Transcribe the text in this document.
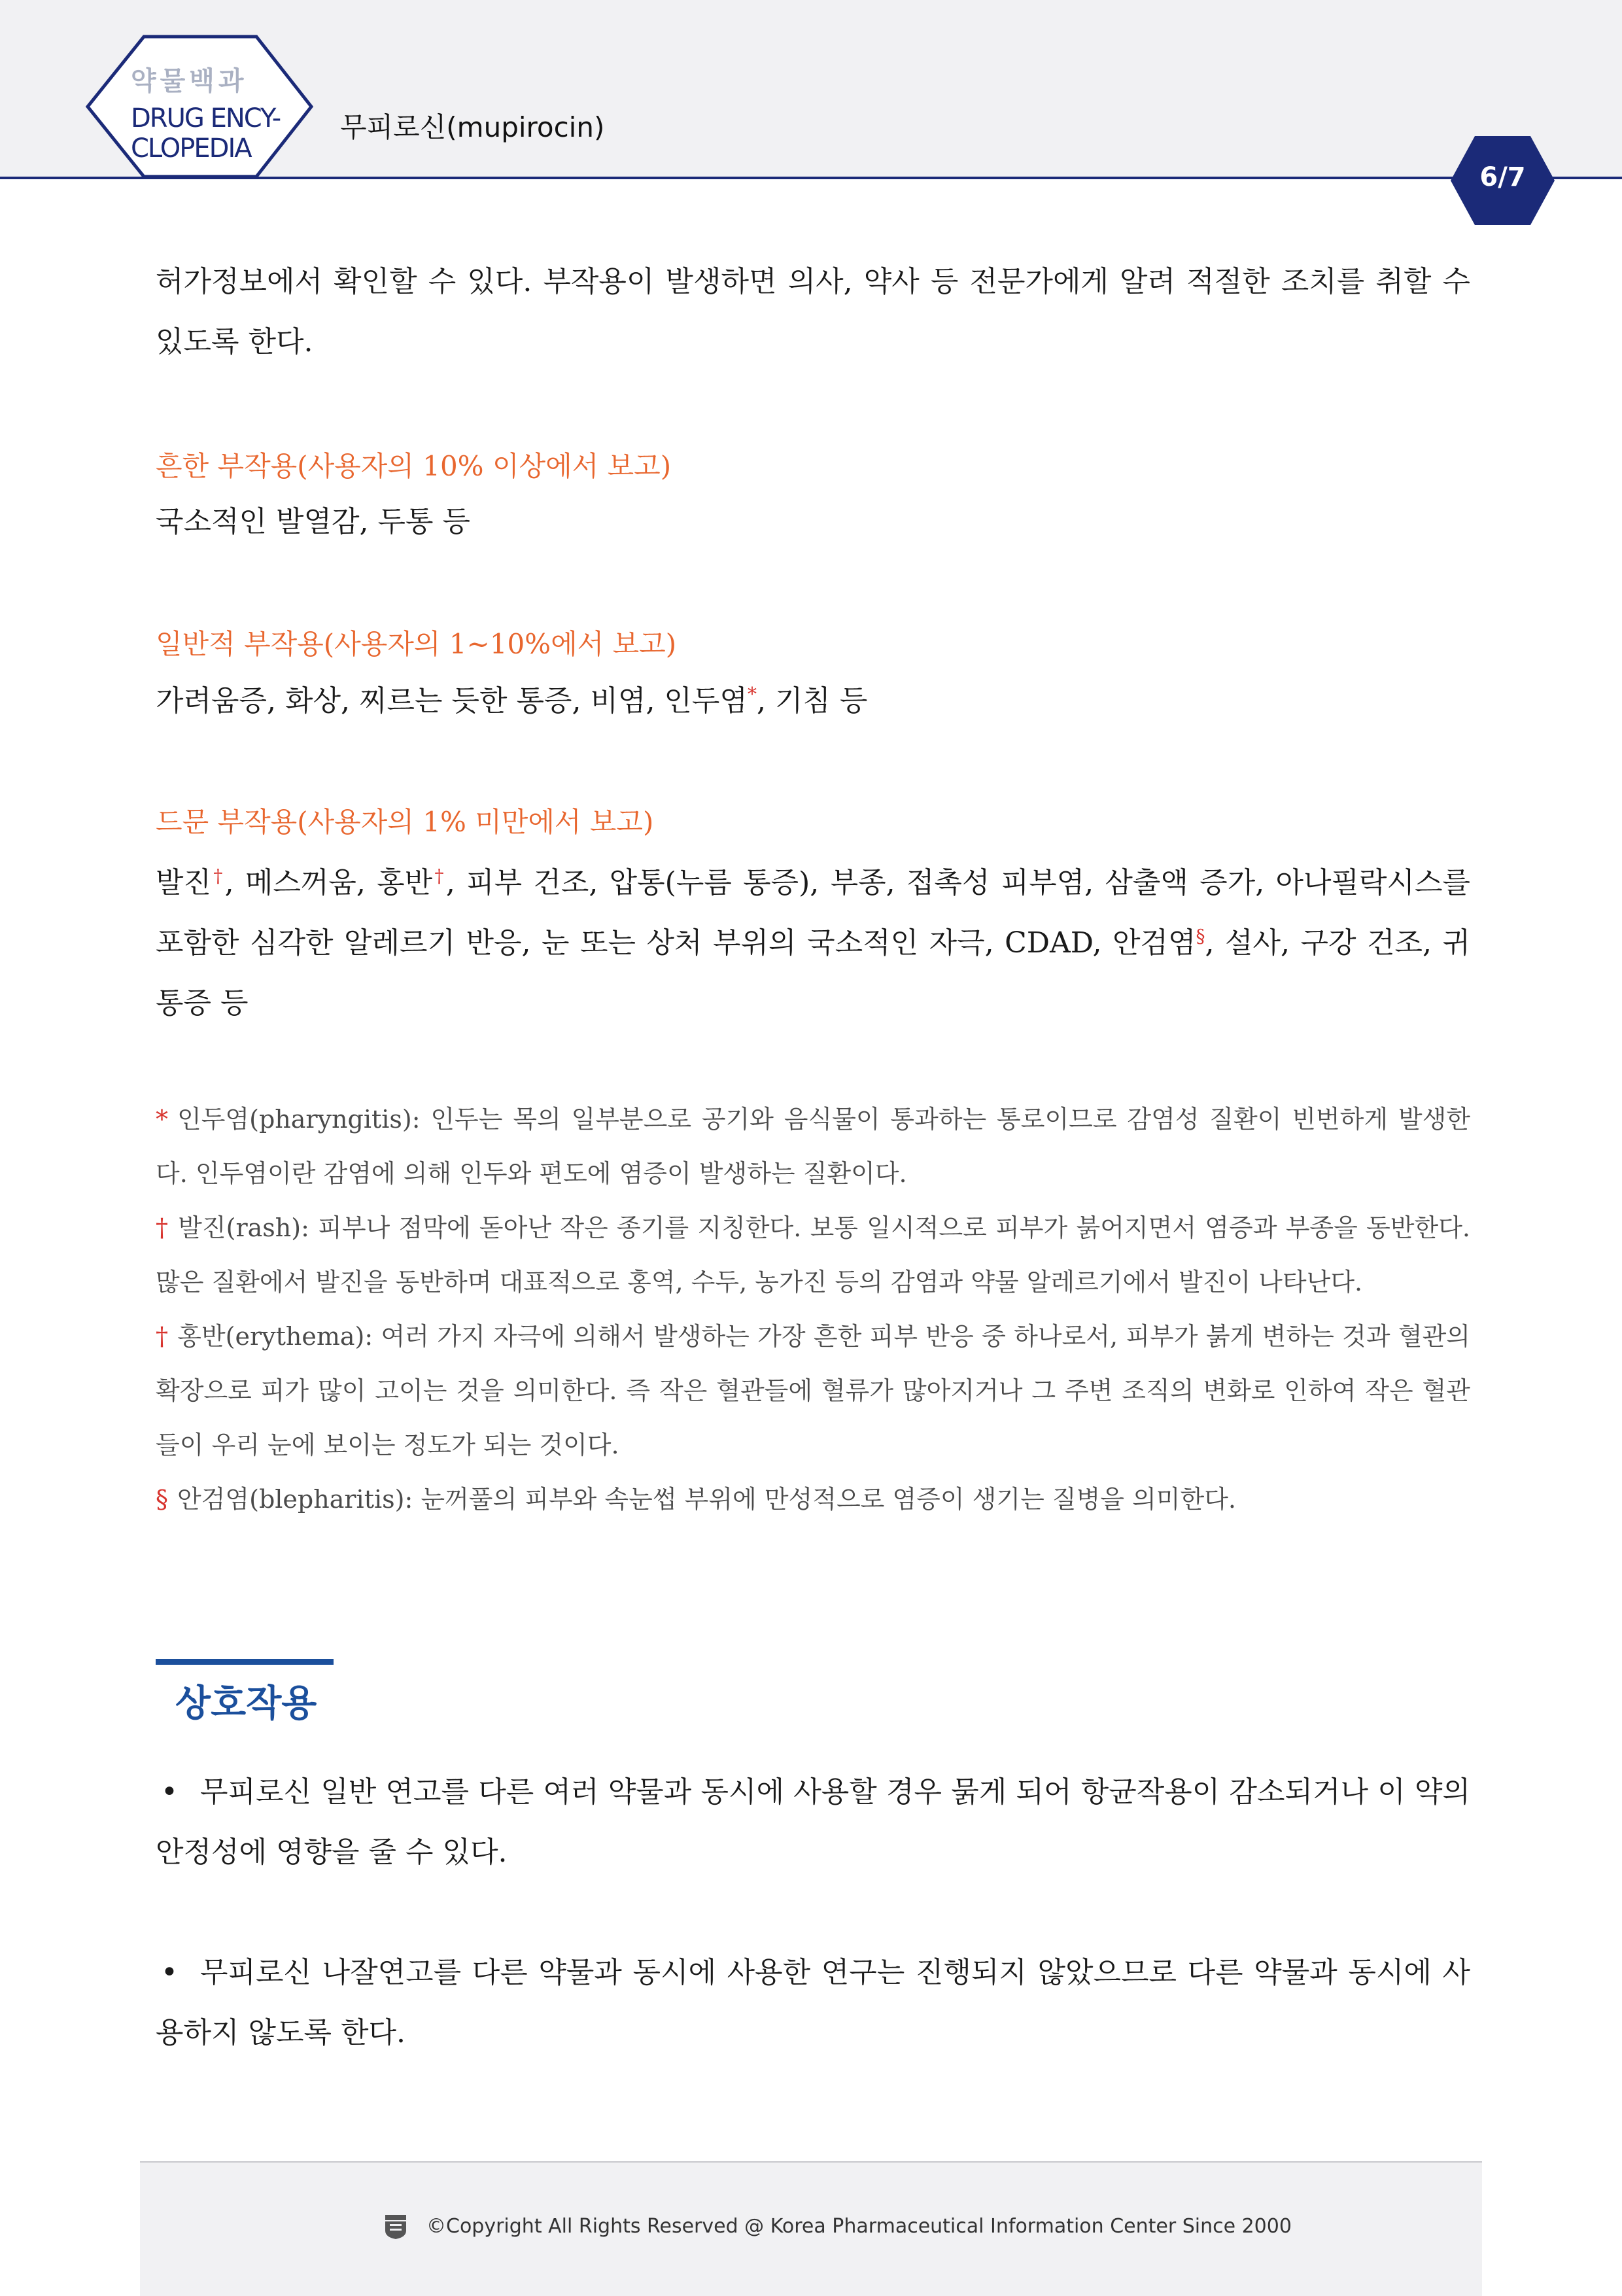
약물백과
DRUG ENCY-
CLOPEDIA
무피로신(mupirocin)
6/7
허가정보에서 확인할 수 있다. 부작용이 발생하면 의사, 약사 등 전문가에게 알려 적절한 조치를 취할 수 있도록 한다.
흔한 부작용(사용자의 10% 이상에서 보고)
국소적인 발열감, 두통 등
일반적 부작용(사용자의 1~10%에서 보고)
가려움증, 화상, 찌르는 듯한 통증, 비염, 인두염*, 기침 등
드문 부작용(사용자의 1% 미만에서 보고)
발진†, 메스꺼움, 홍반†, 피부 건조, 압통(누름 통증), 부종, 접촉성 피부염, 삼출액 증가, 아나필락시스를 포함한 심각한 알레르기 반응, 눈 또는 상처 부위의 국소적인 자극, CDAD, 안검염§, 설사, 구강 건조, 귀 통증 등
* 인두염(pharyngitis): 인두는 목의 일부분으로 공기와 음식물이 통과하는 통로이므로 감염성 질환이 빈번하게 발생한다. 인두염이란 감염에 의해 인두와 편도에 염증이 발생하는 질환이다.
† 발진(rash): 피부나 점막에 돋아난 작은 종기를 지칭한다. 보통 일시적으로 피부가 붉어지면서 염증과 부종을 동반한다. 많은 질환에서 발진을 동반하며 대표적으로 홍역, 수두, 농가진 등의 감염과 약물 알레르기에서 발진이 나타난다.
† 홍반(erythema): 여러 가지 자극에 의해서 발생하는 가장 흔한 피부 반응 중 하나로서, 피부가 붉게 변하는 것과 혈관의 확장으로 피가 많이 고이는 것을 의미한다. 즉 작은 혈관들에 혈류가 많아지거나 그 주변 조직의 변화로 인하여 작은 혈관들이 우리 눈에 보이는 정도가 되는 것이다.
§ 안검염(blepharitis): 눈꺼풀의 피부와 속눈썹 부위에 만성적으로 염증이 생기는 질병을 의미한다.
상호작용
• 무피로신 일반 연고를 다른 여러 약물과 동시에 사용할 경우 묽게 되어 항균작용이 감소되거나 이 약의 안정성에 영향을 줄 수 있다.
• 무피로신 나잘연고를 다른 약물과 동시에 사용한 연구는 진행되지 않았으므로 다른 약물과 동시에 사용하지 않도록 한다.
©Copyright All Rights Reserved @ Korea Pharmaceutical Information Center Since 2000
